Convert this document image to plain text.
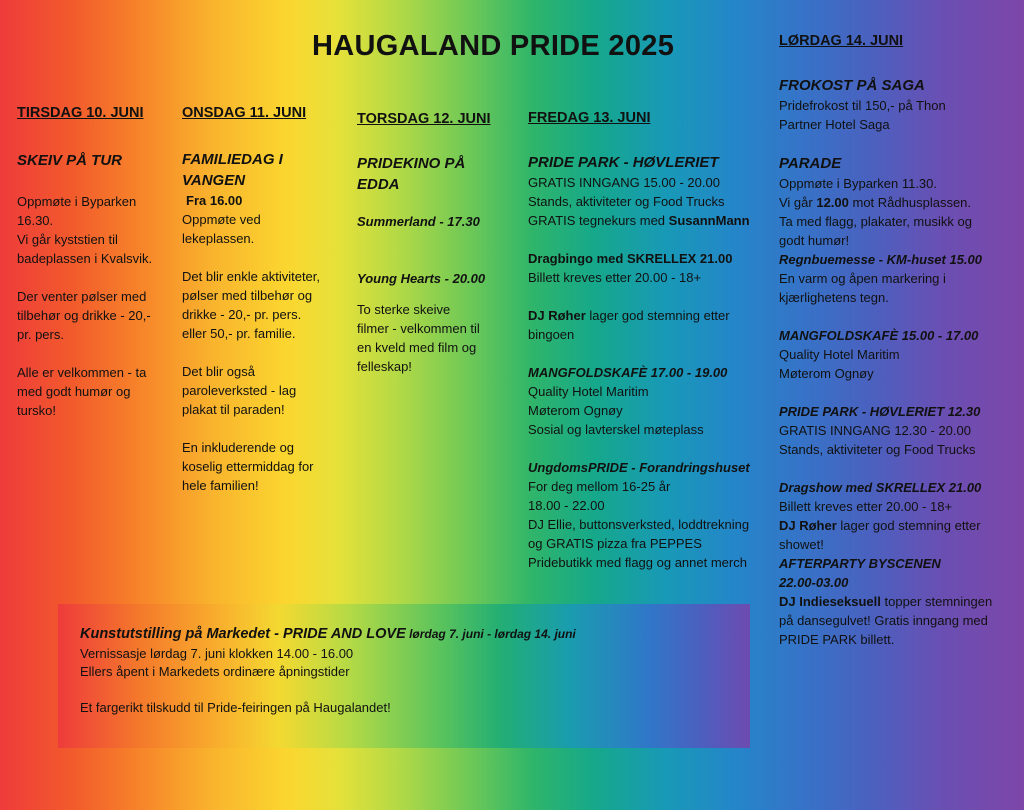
HAUGALAND PRIDE 2025

TIRSDAG 10. JUNI

SKEIV PÅ TUR

Oppmøte i Byparken

16.30.

Vi går kyststien til

badeplassen i Kvalsvik.

Der venter pølser med

tilbehør og drikke - 20,-

pr. pers.

Alle er velkommen - ta

med godt humør og

tursko!

ONSDAG 11. JUNI

FAMILIEDAG I

VANGEN

Fra 16.00

Oppmøte ved

lekeplassen.

Det blir enkle aktiviteter,

pølser med tilbehør og

drikke - 20,- pr. pers.

eller 50,- pr. familie.

Det blir også

paroleverksted - lag

plakat til paraden!

En inkluderende og

koselig ettermiddag for

hele familien!

TORSDAG 12. JUNI

PRIDEKINO PÅ

EDDA

Summerland - 17.30

Young Hearts - 20.00

To sterke skeive

filmer - velkommen til

en kveld med film og

felleskap!

FREDAG 13. JUNI

PRIDE PARK - HØVLERIET

GRATIS INNGANG 15.00 - 20.00

Stands, aktiviteter og Food Trucks

GRATIS tegnekurs med SusannMann

Dragbingo med SKRELLEX 21.00

Billett kreves etter 20.00 - 18+

DJ Røher lager god stemning etter

bingoen

MANGFOLDSKAFÈ 17.00 - 19.00

Quality Hotel Maritim

Møterom Ognøy

Sosial og lavterskel møteplass

UngdomsPRIDE - Forandringshuset

For deg mellom 16-25 år

18.00 - 22.00

DJ Ellie, buttonsverksted, loddtrekning

og GRATIS pizza fra PEPPES

Pridebutikk med flagg og annet merch

LØRDAG 14. JUNI

FROKOST PÅ SAGA

Pridefrokost til 150,- på Thon

Partner Hotel Saga

PARADE

Oppmøte i Byparken 11.30.

Vi går 12.00 mot Rådhusplassen.

Ta med flagg, plakater, musikk og

godt humør!

Regnbuemesse - KM-huset 15.00

En varm og åpen markering i

kjærlighetens tegn.

MANGFOLDSKAFÈ 15.00 - 17.00

Quality Hotel Maritim

Møterom Ognøy

PRIDE PARK - HØVLERIET 12.30

GRATIS INNGANG 12.30 - 20.00

Stands, aktiviteter og Food Trucks

Dragshow med SKRELLEX 21.00

Billett kreves etter 20.00 - 18+

DJ Røher lager god stemning etter

showet!

AFTERPARTY BYSCENEN

22.00-03.00

DJ Indieseksuell topper stemningen

på dansegulvet! Gratis inngang med

PRIDE PARK billett.

Kunstutstilling på Markedet - PRIDE AND LOVE lørdag 7. juni - lørdag 14. juni

Vernissasje lørdag 7. juni klokken 14.00 - 16.00

Ellers åpent i Markedets ordinære åpningstider

Et fargerikt tilskudd til Pride-feiringen på Haugalandet!
